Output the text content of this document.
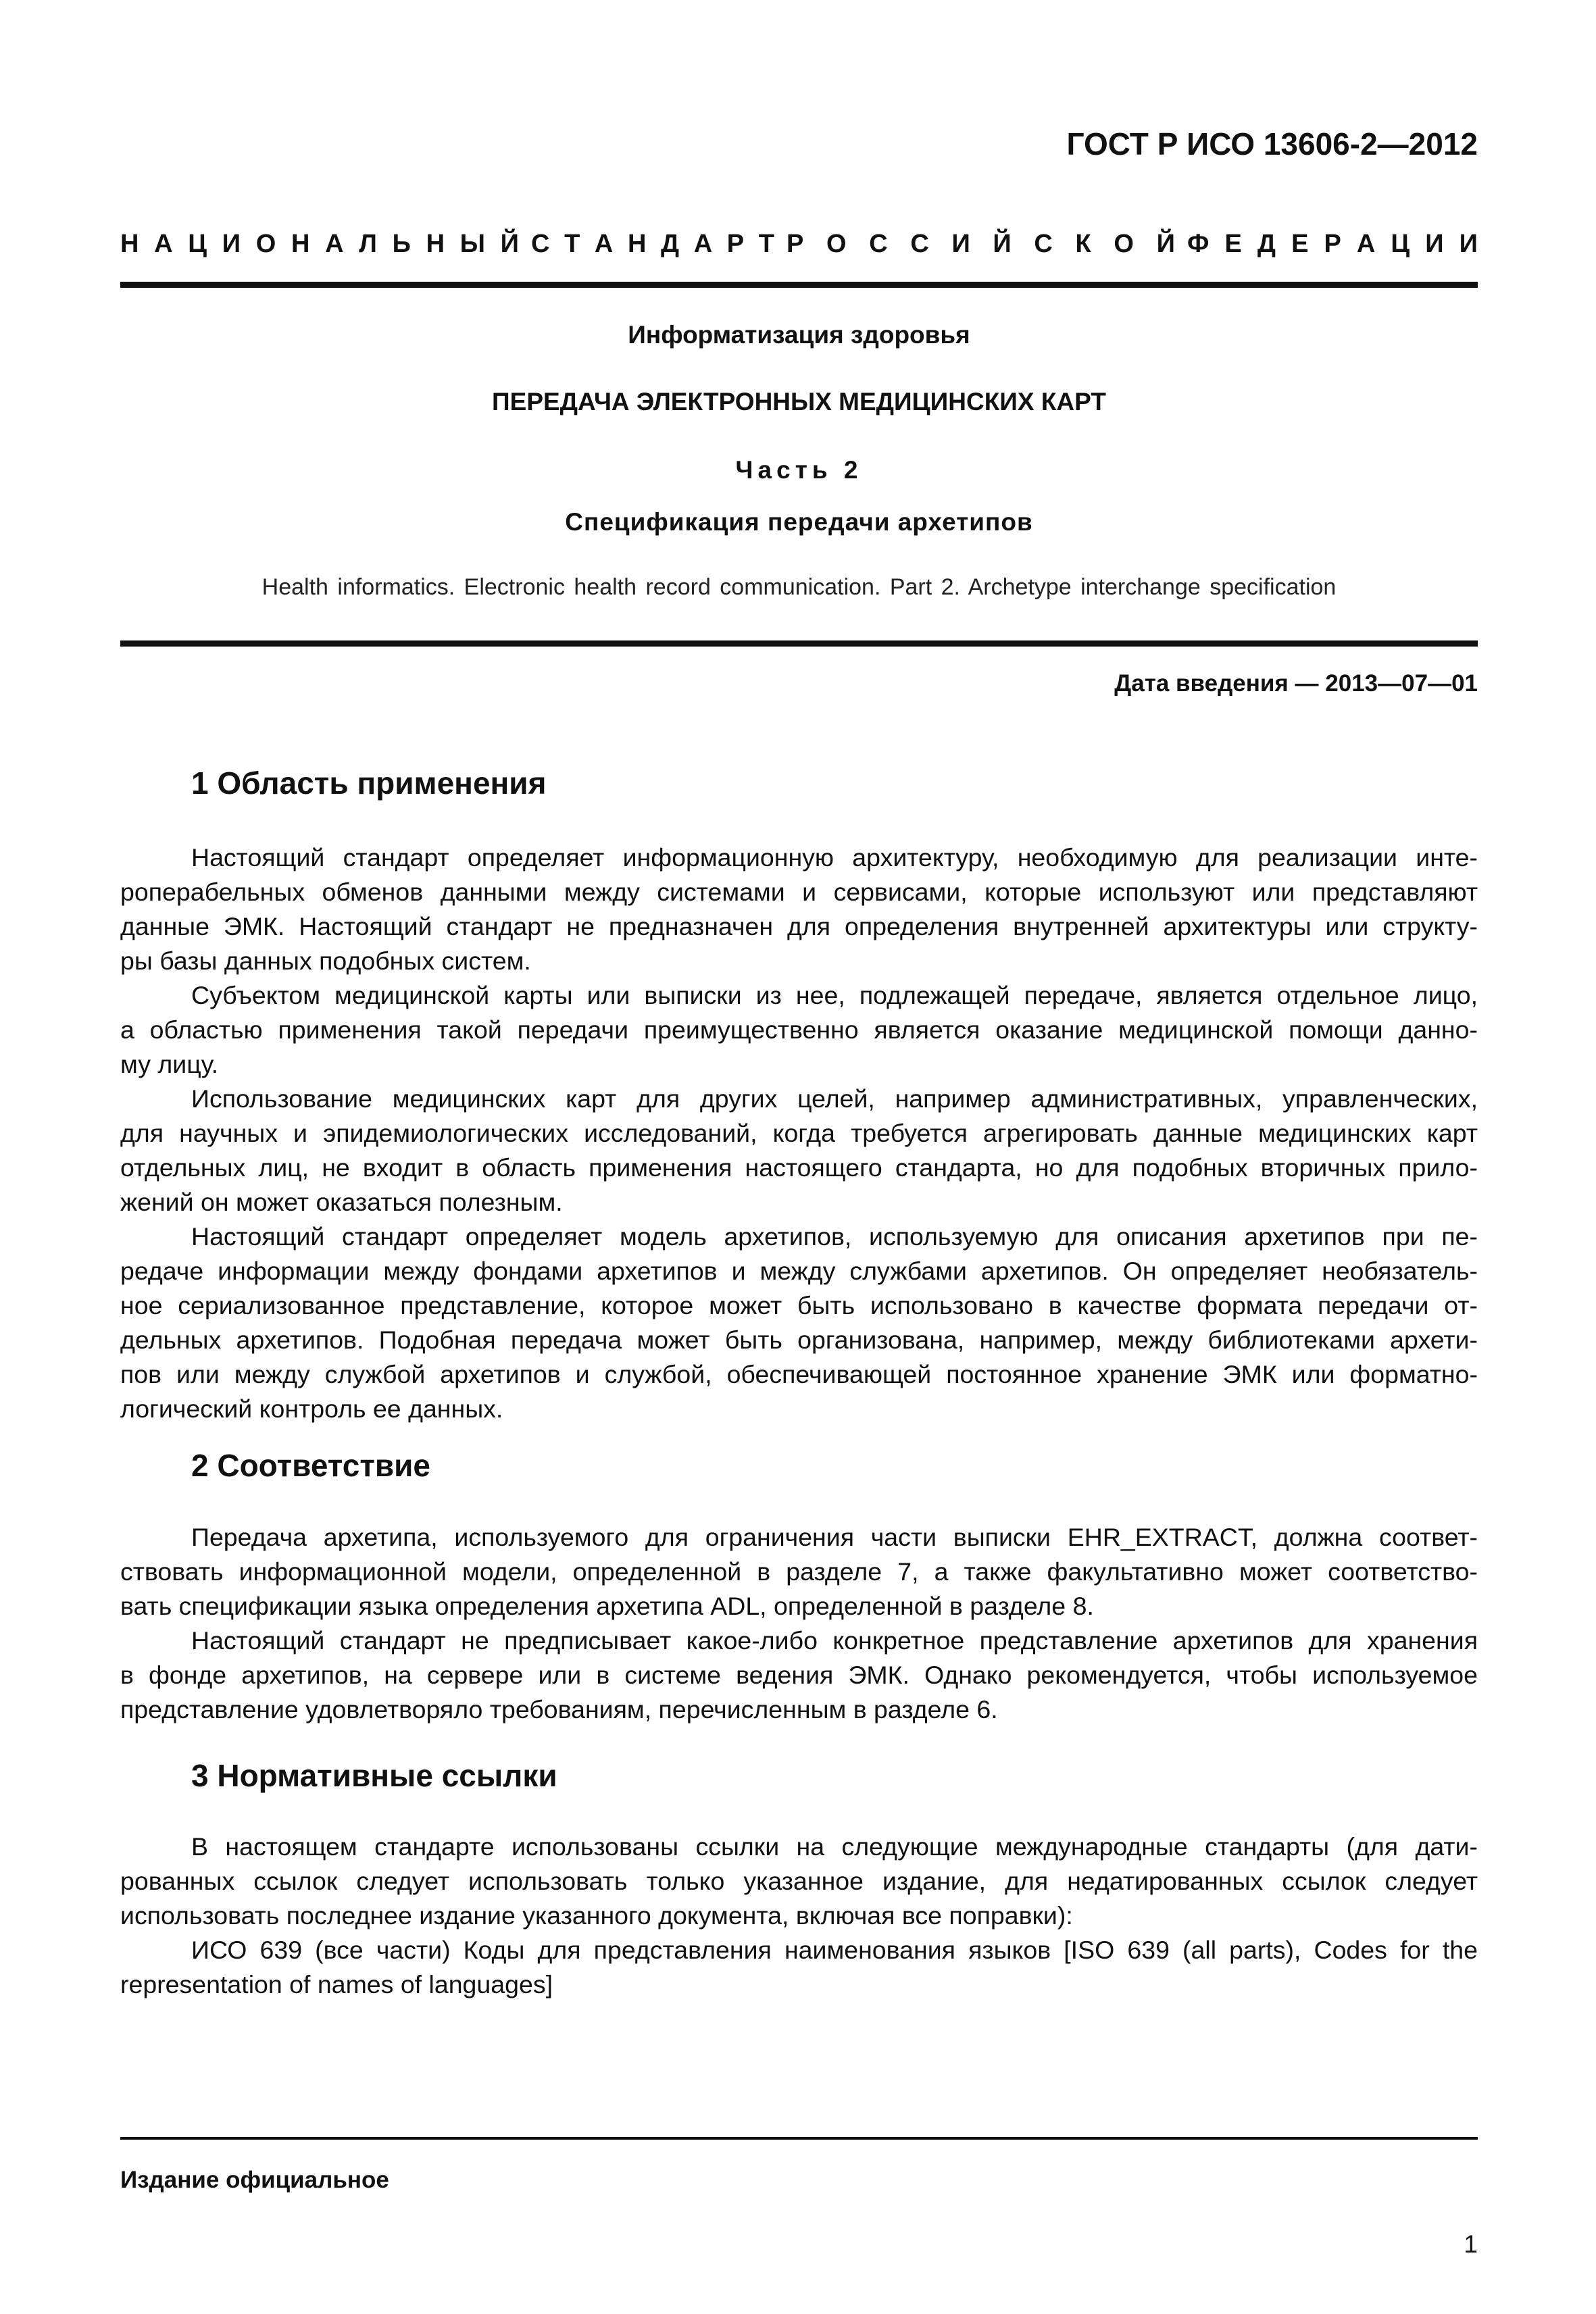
ГОСТ Р ИСО 13606-2—2012
Н А Ц И О Н А Л Ь Н Ы Й С Т А Н Д А Р Т Р О С С И Й С К О Й Ф Е Д Е Р А Ц И И
Информатизация здоровья
ПЕРЕДАЧА ЭЛЕКТРОННЫХ МЕДИЦИНСКИХ КАРТ
Часть 2
Спецификация передачи архетипов
Health informatics. Electronic health record communication. Part 2. Archetype interchange specification
Дата введения — 2013—07—01
1 Область применения
Настоящий стандарт определяет информационную архитектуру, необходимую для реализации инте-
роперабельных обменов данными между системами и сервисами, которые используют или представляют
данные ЭМК. Настоящий стандарт не предназначен для определения внутренней архитектуры или структу-
ры базы данных подобных систем.
Субъектом медицинской карты или выписки из нее, подлежащей передаче, является отдельное лицо,
а областью применения такой передачи преимущественно является оказание медицинской помощи данно-
му лицу.
Использование медицинских карт для других целей, например административных, управленческих,
для научных и эпидемиологических исследований, когда требуется агрегировать данные медицинских карт
отдельных лиц, не входит в область применения настоящего стандарта, но для подобных вторичных прило-
жений он может оказаться полезным.
Настоящий стандарт определяет модель архетипов, используемую для описания архетипов при пе-
редаче информации между фондами архетипов и между службами архетипов. Он определяет необязатель-
ное сериализованное представление, которое может быть использовано в качестве формата передачи от-
дельных архетипов. Подобная передача может быть организована, например, между библиотеками архети-
пов или между службой архетипов и службой, обеспечивающей постоянное хранение ЭМК или форматно-
логический контроль ее данных.
2 Соответствие
Передача архетипа, используемого для ограничения части выписки EHR_EXTRACT, должна соответ-
ствовать информационной модели, определенной в разделе 7, а также факультативно может соответство-
вать спецификации языка определения архетипа ADL, определенной в разделе 8.
Настоящий стандарт не предписывает какое-либо конкретное представление архетипов для хранения
в фонде архетипов, на сервере или в системе ведения ЭМК. Однако рекомендуется, чтобы используемое
представление удовлетворяло требованиям, перечисленным в разделе 6.
3 Нормативные ссылки
В настоящем стандарте использованы ссылки на следующие международные стандарты (для дати-
рованных ссылок следует использовать только указанное издание, для недатированных ссылок следует
использовать последнее издание указанного документа, включая все поправки):
ИСО 639 (все части) Коды для представления наименования языков [ISO 639 (all parts), Codes for the
representation of names of languages]
Издание официальное
1
